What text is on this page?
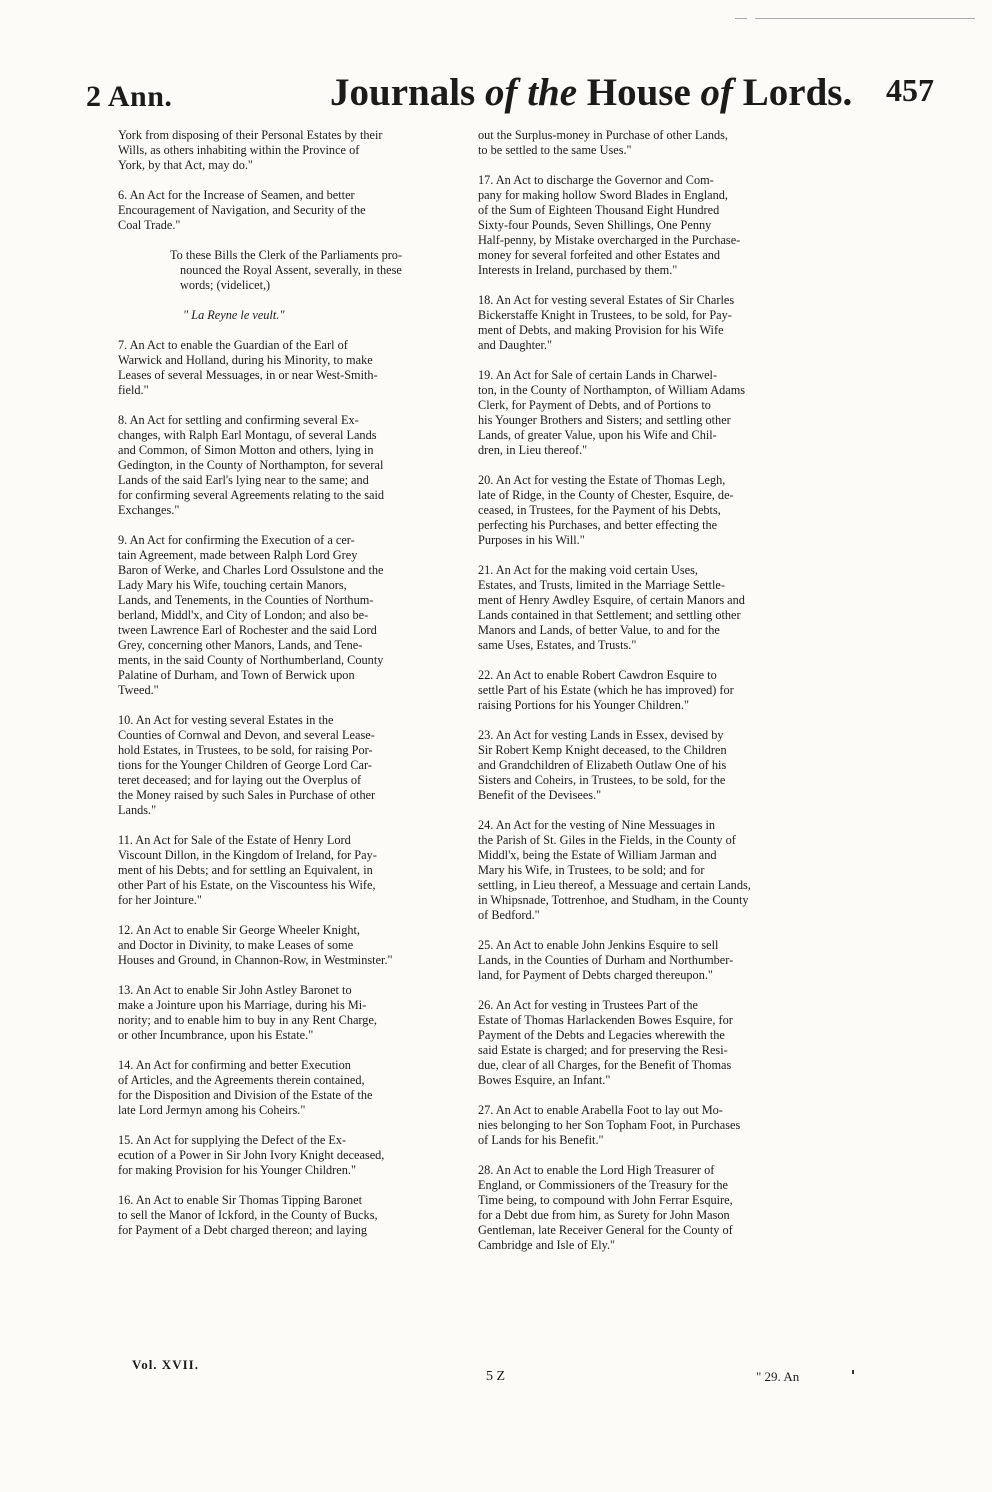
2 Ann.	Journals of the House of Lords. 457
York from disposing of their Personal Estates by their
Wills, as others inhabiting within the Province of
York, by that Act, may do."
6. An Act for the Increase of Seamen, and better
Encouragement of Navigation, and Security of the
Coal Trade."
To these Bills the Clerk of the Parliaments pro-
nounced the Royal Assent, severally, in these
words; (videlicet,)
" La Reyne le veult."
7. An Act to enable the Guardian of the Earl of
Warwick and Holland, during his Minority, to make
Leases of several Messuages, in or near West-Smith-
field."
8. An Act for settling and confirming several Ex-
changes, with Ralph Earl Montagu, of several Lands
and Common, of Simon Motton and others, lying in
Gedington, in the County of Northampton, for several
Lands of the said Earl's lying near to the same; and
for confirming several Agreements relating to the said
Exchanges."
9. An Act for confirming the Execution of a cer-
tain Agreement, made between Ralph Lord Grey
Baron of Werke, and Charles Lord Ossulstone and the
Lady Mary his Wife, touching certain Manors,
Lands, and Tenements, in the Counties of Northum-
berland, Middl'x, and City of London; and also be-
tween Lawrence Earl of Rochester and the said Lord
Grey, concerning other Manors, Lands, and Tene-
ments, in the said County of Northumberland, County
Palatine of Durham, and Town of Berwick upon
Tweed."
10. An Act for vesting several Estates in the
Counties of Cornwal and Devon, and several Lease-
hold Estates, in Trustees, to be sold, for raising Por-
tions for the Younger Children of George Lord Car-
teret deceased; and for laying out the Overplus of
the Money raised by such Sales in Purchase of other
Lands."
11. An Act for Sale of the Estate of Henry Lord
Viscount Dillon, in the Kingdom of Ireland, for Pay-
ment of his Debts; and for settling an Equivalent, in
other Part of his Estate, on the Viscountess his Wife,
for her Jointure."
12. An Act to enable Sir George Wheeler Knight,
and Doctor in Divinity, to make Leases of some
Houses and Ground, in Channon-Row, in Westminster."
13. An Act to enable Sir John Astley Baronet to
make a Jointure upon his Marriage, during his Mi-
nority; and to enable him to buy in any Rent Charge,
or other Incumbrance, upon his Estate."
14. An Act for confirming and better Execution
of Articles, and the Agreements therein contained,
for the Disposition and Division of the Estate of the
late Lord Jermyn among his Coheirs."
15. An Act for supplying the Defect of the Ex-
ecution of a Power in Sir John Ivory Knight deceased,
for making Provision for his Younger Children."
16. An Act to enable Sir Thomas Tipping Baronet
to sell the Manor of Ickford, in the County of Bucks,
for Payment of a Debt charged thereon; and laying
out the Surplus-money in Purchase of other Lands,
to be settled to the same Uses."
17. An Act to discharge the Governor and Com-
pany for making hollow Sword Blades in England,
of the Sum of Eighteen Thousand Eight Hundred
Sixty-four Pounds, Seven Shillings, One Penny
Half-penny, by Mistake overcharged in the Purchase-
money for several forfeited and other Estates and
Interests in Ireland, purchased by them."
18. An Act for vesting several Estates of Sir Charles
Bickerstaffe Knight in Trustees, to be sold, for Pay-
ment of Debts, and making Provision for his Wife
and Daughter."
19. An Act for Sale of certain Lands in Charwel-
ton, in the County of Northampton, of William Adams
Clerk, for Payment of Debts, and of Portions to
his Younger Brothers and Sisters; and settling other
Lands, of greater Value, upon his Wife and Chil-
dren, in Lieu thereof."
20. An Act for vesting the Estate of Thomas Legh,
late of Ridge, in the County of Chester, Esquire, de-
ceased, in Trustees, for the Payment of his Debts,
perfecting his Purchases, and better effecting the
Purposes in his Will."
21. An Act for the making void certain Uses,
Estates, and Trusts, limited in the Marriage Settle-
ment of Henry Awdley Esquire, of certain Manors and
Lands contained in that Settlement; and settling other
Manors and Lands, of better Value, to and for the
same Uses, Estates, and Trusts."
22. An Act to enable Robert Cawdron Esquire to
settle Part of his Estate (which he has improved) for
raising Portions for his Younger Children."
23. An Act for vesting Lands in Essex, devised by
Sir Robert Kemp Knight deceased, to the Children
and Grandchildren of Elizabeth Outlaw One of his
Sisters and Coheirs, in Trustees, to be sold, for the
Benefit of the Devisees."
24. An Act for the vesting of Nine Messuages in
the Parish of St. Giles in the Fields, in the County of
Middl'x, being the Estate of William Jarman and
Mary his Wife, in Trustees, to be sold; and for
settling, in Lieu thereof, a Messuage and certain Lands,
in Whipsnade, Tottrenhoe, and Studham, in the County
of Bedford."
25. An Act to enable John Jenkins Esquire to sell
Lands, in the Counties of Durham and Northumber-
land, for Payment of Debts charged thereupon."
26. An Act for vesting in Trustees Part of the
Estate of Thomas Harlackenden Bowes Esquire, for
Payment of the Debts and Legacies wherewith the
said Estate is charged; and for preserving the Resi-
due, clear of all Charges, for the Benefit of Thomas
Bowes Esquire, an Infant."
27. An Act to enable Arabella Foot to lay out Mo-
nies belonging to her Son Topham Foot, in Purchases
of Lands for his Benefit."
28. An Act to enable the Lord High Treasurer of
England, or Commissioners of the Treasury for the
Time being, to compound with John Ferrar Esquire,
for a Debt due from him, as Surety for John Mason
Gentleman, late Receiver General for the County of
Cambridge and Isle of Ely."
Vol. XVII.
5 Z	" 29. An
